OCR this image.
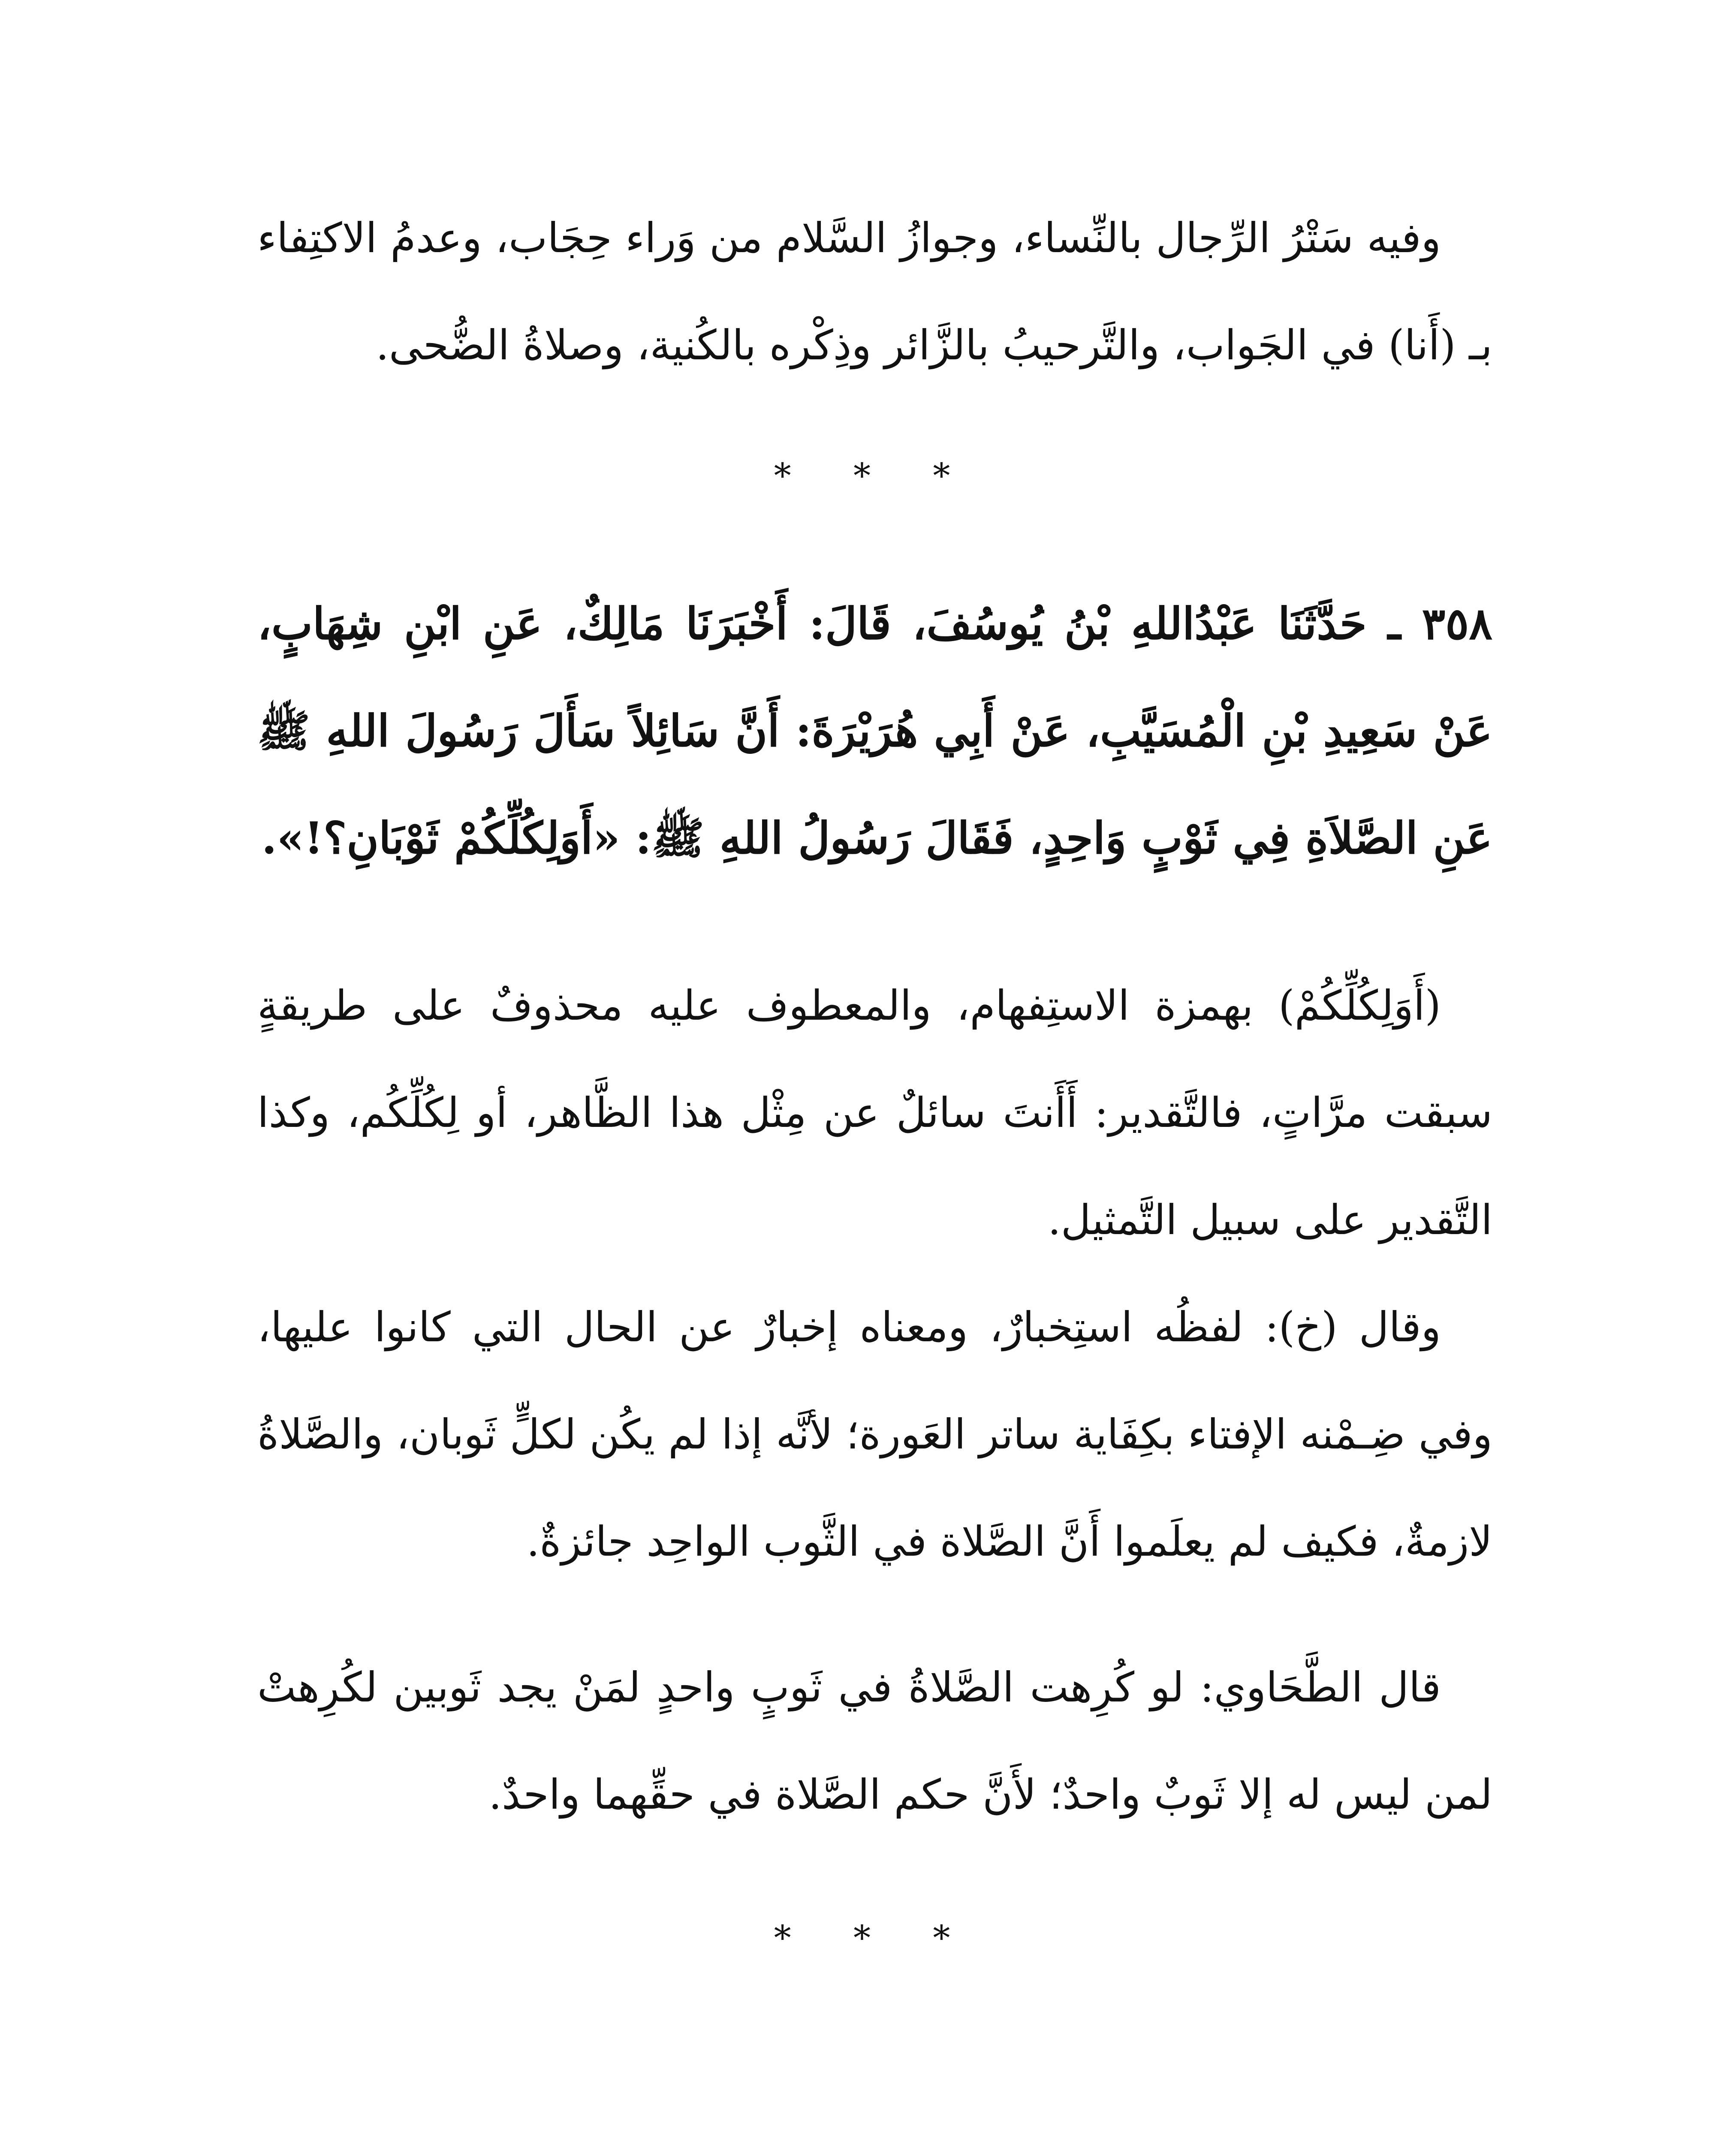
وفيه سَتْرُ الرِّجال بالنِّساء، وجوازُ السَّلام من وَراء حِجَاب، وعدمُ الاكتِفاء بـ (أَنا) في الجَواب، والتَّرحيبُ بالزَّائر وذِكْره بالكُنية، وصلاةُ الضُّحى.

* * *

٣٥٨ ـ حَدَّثَنَا عَبْدُاللهِ بْنُ يُوسُفَ، قَالَ: أَخْبَرَنَا مَالِكٌ، عَنِ ابْنِ شِهَابٍ، عَنْ سَعِيدِ بْنِ الْمُسَيَّبِ، عَنْ أَبِي هُرَيْرَةَ: أَنَّ سَائِلاً سَأَلَ رَسُولَ اللهِ ﷺ عَنِ الصَّلاَةِ فِي ثَوْبٍ وَاحِدٍ، فَقَالَ رَسُولُ اللهِ ﷺ: «أَوَلِكُلِّكُمْ ثَوْبَانِ؟!».

(أَوَلِكُلِّكُمْ) بهمزة الاستِفهام، والمعطوف عليه محذوفٌ على طريقةٍ سبقت مرَّاتٍ، فالتَّقدير: أَأَنتَ سائلٌ عن مِثْل هذا الظَّاهر، أو لِكُلِّكُم، وكذا التَّقدير على سبيل التَّمثيل.

وقال (خ): لفظُه استِخبارٌ، ومعناه إخبارٌ عن الحال التي كانوا عليها، وفي ضِـمْنه الإفتاء بكِفَاية ساتر العَورة؛ لأنَّه إذا لم يكُن لكلٍّ ثَوبان، والصَّلاةُ لازمةٌ، فكيف لم يعلَموا أَنَّ الصَّلاة في الثَّوب الواحِد جائزةٌ.

قال الطَّحَاوي: لو كُرِهت الصَّلاةُ في ثَوبٍ واحدٍ لمَنْ يجد ثَوبين لكُرِهتْ لمن ليس له إلا ثَوبٌ واحدٌ؛ لأَنَّ حكم الصَّلاة في حقِّهما واحدٌ.

* * *
